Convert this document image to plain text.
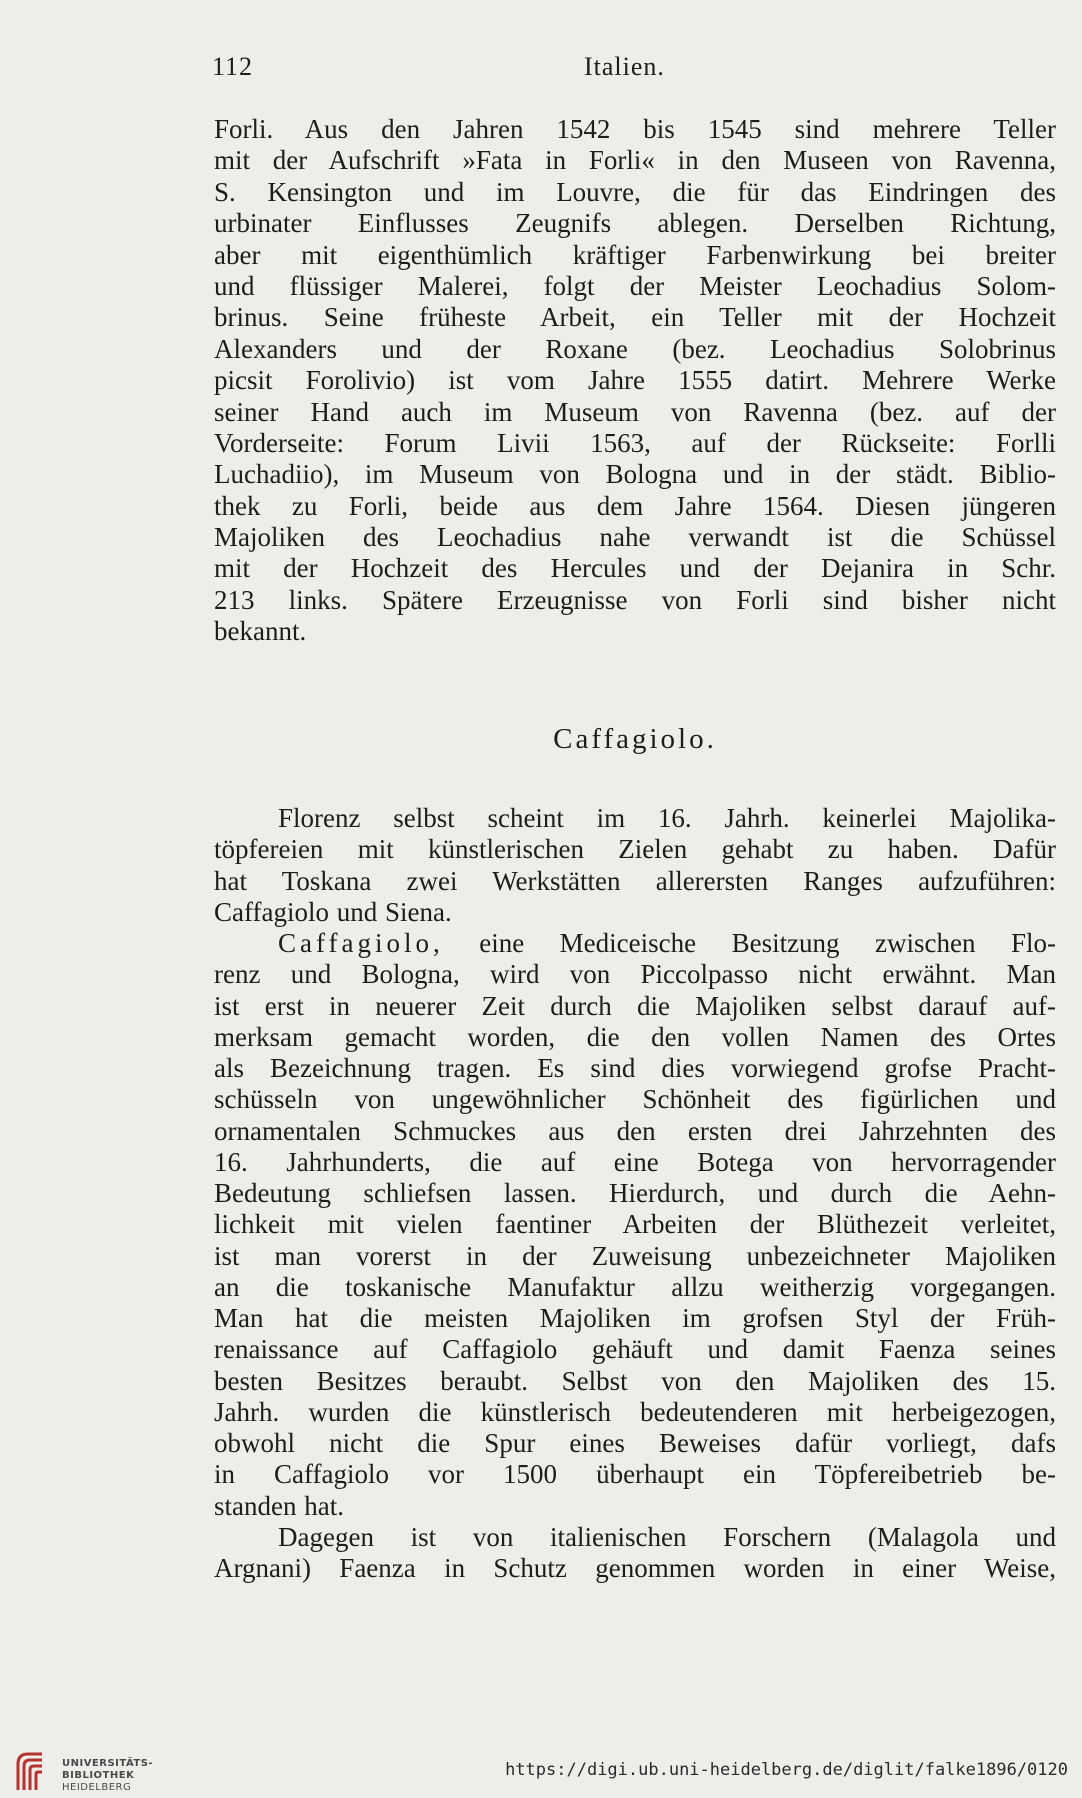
112	Italien.
Forli. Aus den Jahren 1542 bis 1545 sind mehrere Teller
mit der Aufschrift »Fata in Forli« in den Museen von Ravenna,
S. Kensington und im Louvre, die für das Eindringen des
urbinater Einflusses Zeugnifs ablegen. Derselben Richtung,
aber mit eigenthümlich kräftiger Farbenwirkung bei breiter
und flüssiger Malerei, folgt der Meister Leochadius Solom-
brinus. Seine früheste Arbeit, ein Teller mit der Hochzeit
Alexanders und der Roxane (bez. Leochadius Solobrinus
picsit Forolivio) ist vom Jahre 1555 datirt. Mehrere Werke
seiner Hand auch im Museum von Ravenna (bez. auf der
Vorderseite: Forum Livii 1563, auf der Rückseite: Forlli
Luchadiio), im Museum von Bologna und in der städt. Biblio-
thek zu Forli, beide aus dem Jahre 1564. Diesen jüngeren
Majoliken des Leochadius nahe verwandt ist die Schüssel
mit der Hochzeit des Hercules und der Dejanira in Schr.
213 links. Spätere Erzeugnisse von Forli sind bisher nicht
bekannt.
Caffagiolo.
Florenz selbst scheint im 16. Jahrh. keinerlei Majolika-
töpfereien mit künstlerischen Zielen gehabt zu haben. Dafür
hat Toskana zwei Werkstätten allerersten Ranges aufzuführen:
Caffagiolo und Siena.
Caffagiolo, eine Mediceische Besitzung zwischen Flo-
renz und Bologna, wird von Piccolpasso nicht erwähnt. Man
ist erst in neuerer Zeit durch die Majoliken selbst darauf auf-
merksam gemacht worden, die den vollen Namen des Ortes
als Bezeichnung tragen. Es sind dies vorwiegend grofse Pracht-
schüsseln von ungewöhnlicher Schönheit des figürlichen und
ornamentalen Schmuckes aus den ersten drei Jahrzehnten des
16. Jahrhunderts, die auf eine Botega von hervorragender
Bedeutung schliefsen lassen. Hierdurch, und durch die Aehn-
lichkeit mit vielen faentiner Arbeiten der Blüthezeit verleitet,
ist man vorerst in der Zuweisung unbezeichneter Majoliken
an die toskanische Manufaktur allzu weitherzig vorgegangen.
Man hat die meisten Majoliken im grofsen Styl der Früh-
renaissance auf Caffagiolo gehäuft und damit Faenza seines
besten Besitzes beraubt. Selbst von den Majoliken des 15.
Jahrh. wurden die künstlerisch bedeutenderen mit herbeigezogen,
obwohl nicht die Spur eines Beweises dafür vorliegt, dafs
in Caffagiolo vor 1500 überhaupt ein Töpfereibetrieb be-
standen hat.
Dagegen ist von italienischen Forschern (Malagola und
Argnani) Faenza in Schutz genommen worden in einer Weise,
UNIVERSITÄTS-
BIBLIOTHEK
HEIDELBERG
https://digi.ub.uni-heidelberg.de/diglit/falke1896/0120
